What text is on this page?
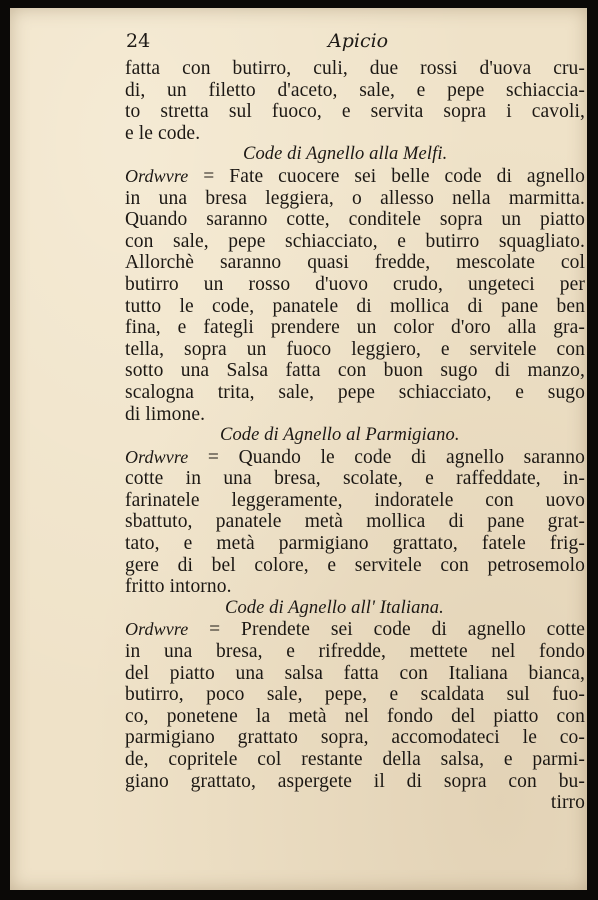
24	Apicio
fatta con butirro, culi, due rossi d'uova cru-
di, un filetto d'aceto, sale, e pepe schiaccia-
to stretta sul fuoco, e servita sopra i cavoli,
e le code.
Code di Agnello alla Melfi.
Ordwvre = Fate cuocere sei belle code di agnello
in una bresa leggiera, o allesso nella marmitta.
Quando saranno cotte, conditele sopra un piatto
con sale, pepe schiacciato, e butirro squagliato.
Allorchè saranno quasi fredde, mescolate col
butirro un rosso d'uovo crudo, ungeteci per
tutto le code, panatele di mollica di pane ben
fina, e fategli prendere un color d'oro alla gra-
tella, sopra un fuoco leggiero, e servitele con
sotto una Salsa fatta con buon sugo di manzo,
scalogna trita, sale, pepe schiacciato, e sugo
di limone.
Code di Agnello al Parmigiano.
Ordwvre = Quando le code di agnello saranno
cotte in una bresa, scolate, e raffeddate, in-
farinatele leggeramente, indoratele con uovo
sbattuto, panatele metà mollica di pane grat-
tato, e metà parmigiano grattato, fatele frig-
gere di bel colore, e servitele con petrosemolo
fritto intorno.
Code di Agnello all' Italiana.
Ordwvre = Prendete sei code di agnello cotte
in una bresa, e rifredde, mettete nel fondo
del piatto una salsa fatta con Italiana bianca,
butirro, poco sale, pepe, e scaldata sul fuo-
co, ponetene la metà nel fondo del piatto con
parmigiano grattato sopra, accomodateci le co-
de, copritele col restante della salsa, e parmi-
giano grattato, aspergete il di sopra con bu-
tirro
